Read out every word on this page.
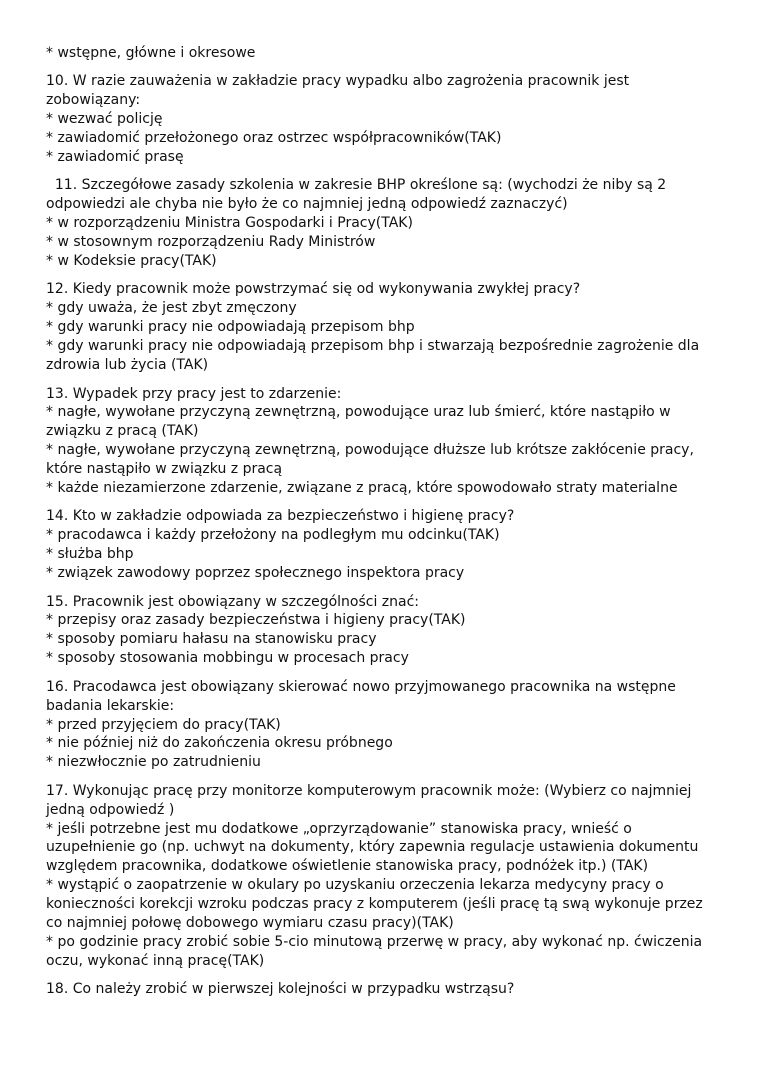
* wstępne, główne i okresowe
10. W razie zauważenia w zakładzie pracy wypadku albo zagrożenia pracownik jest
zobowiązany:
* wezwać policję
* zawiadomić przełożonego oraz ostrzec współpracowników(TAK)
* zawiadomić prasę
11. Szczegółowe zasady szkolenia w zakresie BHP określone są: (wychodzi że niby są 2
odpowiedzi ale chyba nie było że co najmniej jedną odpowiedź zaznaczyć)
* w rozporządzeniu Ministra Gospodarki i Pracy(TAK)
* w stosownym rozporządzeniu Rady Ministrów
* w Kodeksie pracy(TAK)
12. Kiedy pracownik może powstrzymać się od wykonywania zwykłej pracy?
* gdy uważa, że jest zbyt zmęczony
* gdy warunki pracy nie odpowiadają przepisom bhp
* gdy warunki pracy nie odpowiadają przepisom bhp i stwarzają bezpośrednie zagrożenie dla
zdrowia lub życia (TAK)
13. Wypadek przy pracy jest to zdarzenie:
* nagłe, wywołane przyczyną zewnętrzną, powodujące uraz lub śmierć, które nastąpiło w
związku z pracą (TAK)
* nagłe, wywołane przyczyną zewnętrzną, powodujące dłuższe lub krótsze zakłócenie pracy,
które nastąpiło w związku z pracą
* każde niezamierzone zdarzenie, związane z pracą, które spowodowało straty materialne
14. Kto w zakładzie odpowiada za bezpieczeństwo i higienę pracy?
* pracodawca i każdy przełożony na podległym mu odcinku(TAK)
* służba bhp
* związek zawodowy poprzez społecznego inspektora pracy
15. Pracownik jest obowiązany w szczególności znać:
* przepisy oraz zasady bezpieczeństwa i higieny pracy(TAK)
* sposoby pomiaru hałasu na stanowisku pracy
* sposoby stosowania mobbingu w procesach pracy
16. Pracodawca jest obowiązany skierować nowo przyjmowanego pracownika na wstępne
badania lekarskie:
* przed przyjęciem do pracy(TAK)
* nie później niż do zakończenia okresu próbnego
* niezwłocznie po zatrudnieniu
17. Wykonując pracę przy monitorze komputerowym pracownik może: (Wybierz co najmniej
jedną odpowiedź )
* jeśli potrzebne jest mu dodatkowe „oprzyrządowanie” stanowiska pracy, wnieść o
uzupełnienie go (np. uchwyt na dokumenty, który zapewnia regulacje ustawienia dokumentu
względem pracownika, dodatkowe oświetlenie stanowiska pracy, podnóżek itp.) (TAK)
* wystąpić o zaopatrzenie w okulary po uzyskaniu orzeczenia lekarza medycyny pracy o
konieczności korekcji wzroku podczas pracy z komputerem (jeśli pracę tą swą wykonuje przez
co najmniej połowę dobowego wymiaru czasu pracy)(TAK)
* po godzinie pracy zrobić sobie 5-cio minutową przerwę w pracy, aby wykonać np. ćwiczenia
oczu, wykonać inną pracę(TAK)
18. Co należy zrobić w pierwszej kolejności w przypadku wstrząsu?
